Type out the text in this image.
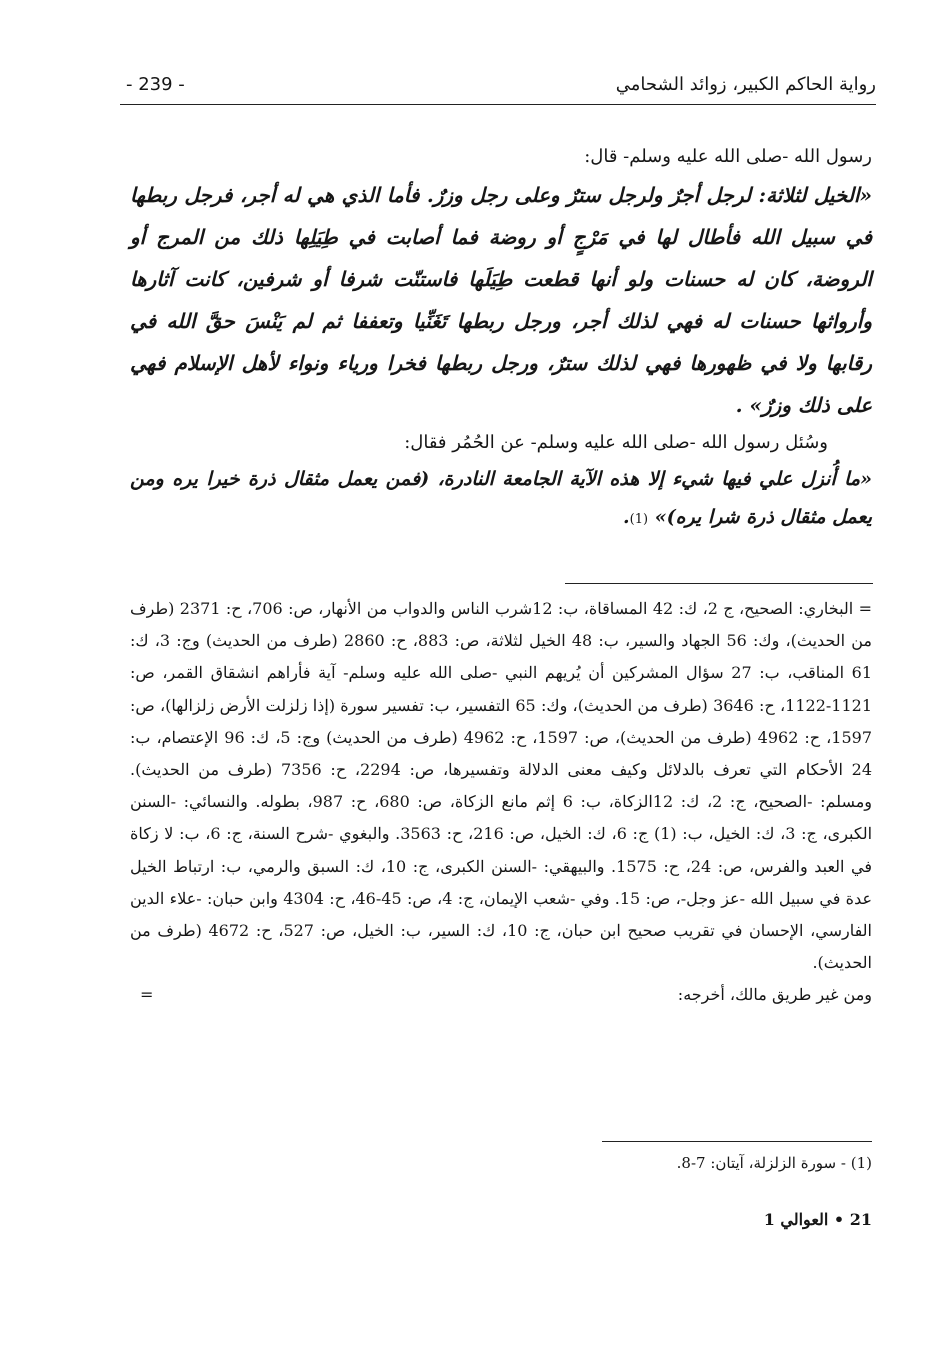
رواية الحاكم الكبير، زوائد الشحامي
- 239 -

رسول الله -صلى الله عليه وسلم- قال:

«الخيل لثلاثة: لرجل أجرٌ ولرجل سترٌ وعلى رجل وزرٌ. فأما الذي هي له أجر، فرجل ربطها في سبيل الله فأطال لها في مَرْجٍ أو روضة فما أصابت في طِيَلِها ذلك من المرج أو الروضة، كان له حسنات ولو أنها قطعت طِيَلَها فاستنّت شرفا أو شرفين، كانت آثارها وأرواثها حسنات له فهي لذلك أجر، ورجل ربطها تَغَنِّيا وتعففا ثم لم يَنْسَ حقَّ الله في رقابها ولا في ظهورها فهي لذلك سترٌ، ورجل ربطها فخرا ورياء ونواء لأهل الإسلام فهي على ذلك وزرٌ» .

وسُئل رسول الله -صلى الله عليه وسلم- عن الحُمُر فقال:

«ما أُنزل علي فيها شيء إلا هذه الآية الجامعة النادرة، (فمن يعمل مثقال ذرة خيرا يره ومن يعمل مثقال ذرة شرا يره)» (1).

= البخاري: الصحيح، ج 2، ك: 42 المساقاة، ب: 12شرب الناس والدواب من الأنهار، ص: 706، ح: 2371 (طرف من الحديث)، وك: 56 الجهاد والسير، ب: 48 الخيل لثلاثة، ص: 883، ح: 2860 (طرف من الحديث) وج: 3، ك: 61 المناقب، ب: 27 سؤال المشركين أن يُريهم النبي -صلى الله عليه وسلم- آية فأراهم انشقاق القمر، ص: 1121-1122، ح: 3646 (طرف من الحديث)، وك: 65 التفسير، ب: تفسير سورة (إذا زلزلت الأرض زلزالها)، ص: 1597، ح: 4962 (طرف من الحديث)، ص: 1597، ح: 4962 (طرف من الحديث) وج: 5، ك: 96 الإعتصام، ب: 24 الأحكام التي تعرف بالدلائل وكيف معنى الدلالة وتفسيرها، ص: 2294، ح: 7356 (طرف من الحديث). ومسلم: -الصحيح، ج: 2، ك: 12الزكاة، ب: 6 إثم مانع الزكاة، ص: 680، ح: 987، بطوله. والنسائي: -السنن الكبرى، ج: 3، ك: الخيل، ب: (1) ج: 6، ك: الخيل، ص: 216، ح: 3563. والبغوي -شرح السنة، ج: 6، ب: لا زكاة في العبد والفرس، ص: 24، ح: 1575. والبيهقي: -السنن الكبرى، ج: 10، ك: السبق والرمي، ب: ارتباط الخيل عدة في سبيل الله -عز وجل-، ص: 15. وفي -شعب الإيمان، ج: 4، ص: 45-46، ح: 4304 وابن حبان: -علاء الدين الفارسي، الإحسان في تقريب صحيح ابن حبان، ج: 10، ك: السير، ب: الخيل، ص: 527، ح: 4672 (طرف من الحديث).

ومن غير طريق مالك، أخرجه:
=

(1) - سورة الزلزلة، آيتان: 7-8.
21 • العوالي 1
